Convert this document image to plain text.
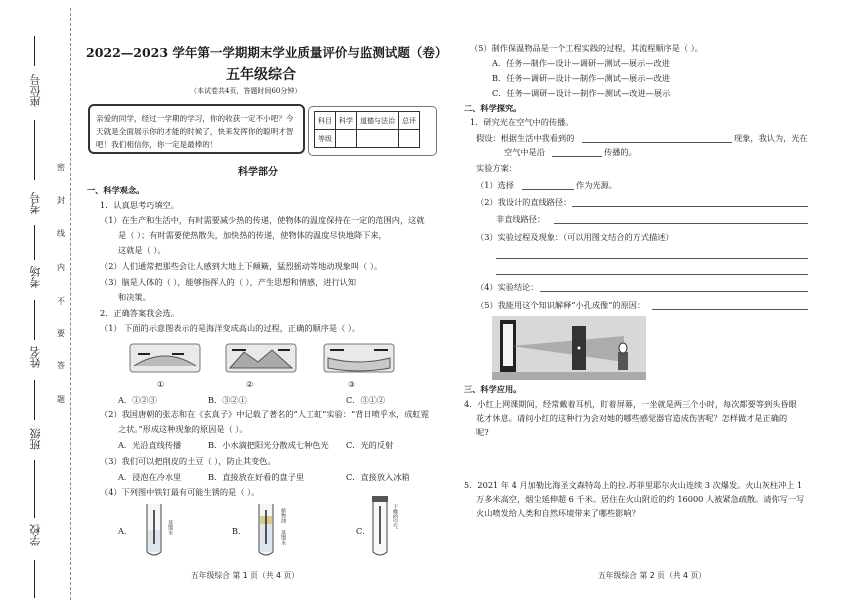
座位号
考号
考场
姓名
班级
学校
密
封
线
内
不
要
答
题
2022—2023 学年第一学期期末学业质量评价与监测试题（卷）
五年级综合
（本试卷共4页，答题时间60分钟）
亲爱的同学，经过一学期的学习，你的收获一定不小吧？今天就是全面展示你的才能的时候了，快来发挥你的聪明才智吧！我们相信你，你一定是最棒的！
科目	科学	道德与法治	总评
等级			
科学部分
一、科学观念。
1．认真思考巧填空。
（1）在生产和生活中，有时需要减少热的传递，使物体的温度保持在一定的范围内，这就
是（ ）；有时需要使热散失，加快热的传递，使物体的温度尽快地降下来，
这就是（ ）。
（2）人们通常把那些会让人感到大地上下颠簸，猛烈摇动等地动现象叫（ ）。
（3）脑是人体的（ ），能够指挥人的（ ），产生思想和情感，进行认知
和决策。
2．正确答案我会选。
（1） 下面的示意图表示的是海洋变成高山的过程，正确的顺序是（ ）。
①	②	③
A．①②③	B．③②①	C．③①②
（2）我国唐朝的张志和在《玄真子》中记载了著名的“人工虹”实验：“背日喷乎水，成虹霓
之状。”形成这种现象的原因是（ ）。
A．光沿直线传播	B．小水滴把阳光分散成七种色光 C．光的反射
（3）我们可以把削皮的土豆（ ），防止其变色。
A．浸泡在冷水里	B．直接放在好看的盘子里	C．直接放入冰箱
（4）下列图中铁钉最有可能生锈的是（ ）。
A．	蒸馏水	B．
植物油
蒸馏水	C．
干燥的空气
五年级综合 第 1 页（共 4 页）
（5）制作保温物品是一个工程实践的过程，其流程顺序是（ ）。
A．任务—制作—设计—调研—测试—展示—改进
B．任务—调研—设计—制作—测试—展示—改进
C．任务—调研—设计—制作—测试—改进—展示
二、科学探究。
1．研究光在空气中的传播。
假设：根据生活中我看到的	现象，我认为，光在
空气中是沿	传播的。
实验方案：
（1）选择	作为光源。
（2）我设计的直线路径：
非直线路径：
（3）实验过程及现象：（可以用图文结合的方式描述）
（4）实验结论：
（5）我能用这个知识解释“小孔成像”的原因：
三、科学应用。
4．小红上网课期间，经常戴着耳机，盯着屏幕，一坐就是两三个小时，每次都要等到头昏眼
花才休息。请问小红的这种行为会对她的哪些感觉器官造成伤害呢？怎样做才是正确的
呢?
5．2021 年 4 月加勒比海圣文森特岛上的拉.苏菲里耶尔火山连续 3 次爆发。火山灰柱冲上 1
万多米高空，烟尘延伸超 6 千米。居住在火山附近的约 16000 人被紧急疏散。请你写一写
火山喷发给人类和自然环境带来了哪些影响？
五年级综合 第 2 页（共 4 页）
